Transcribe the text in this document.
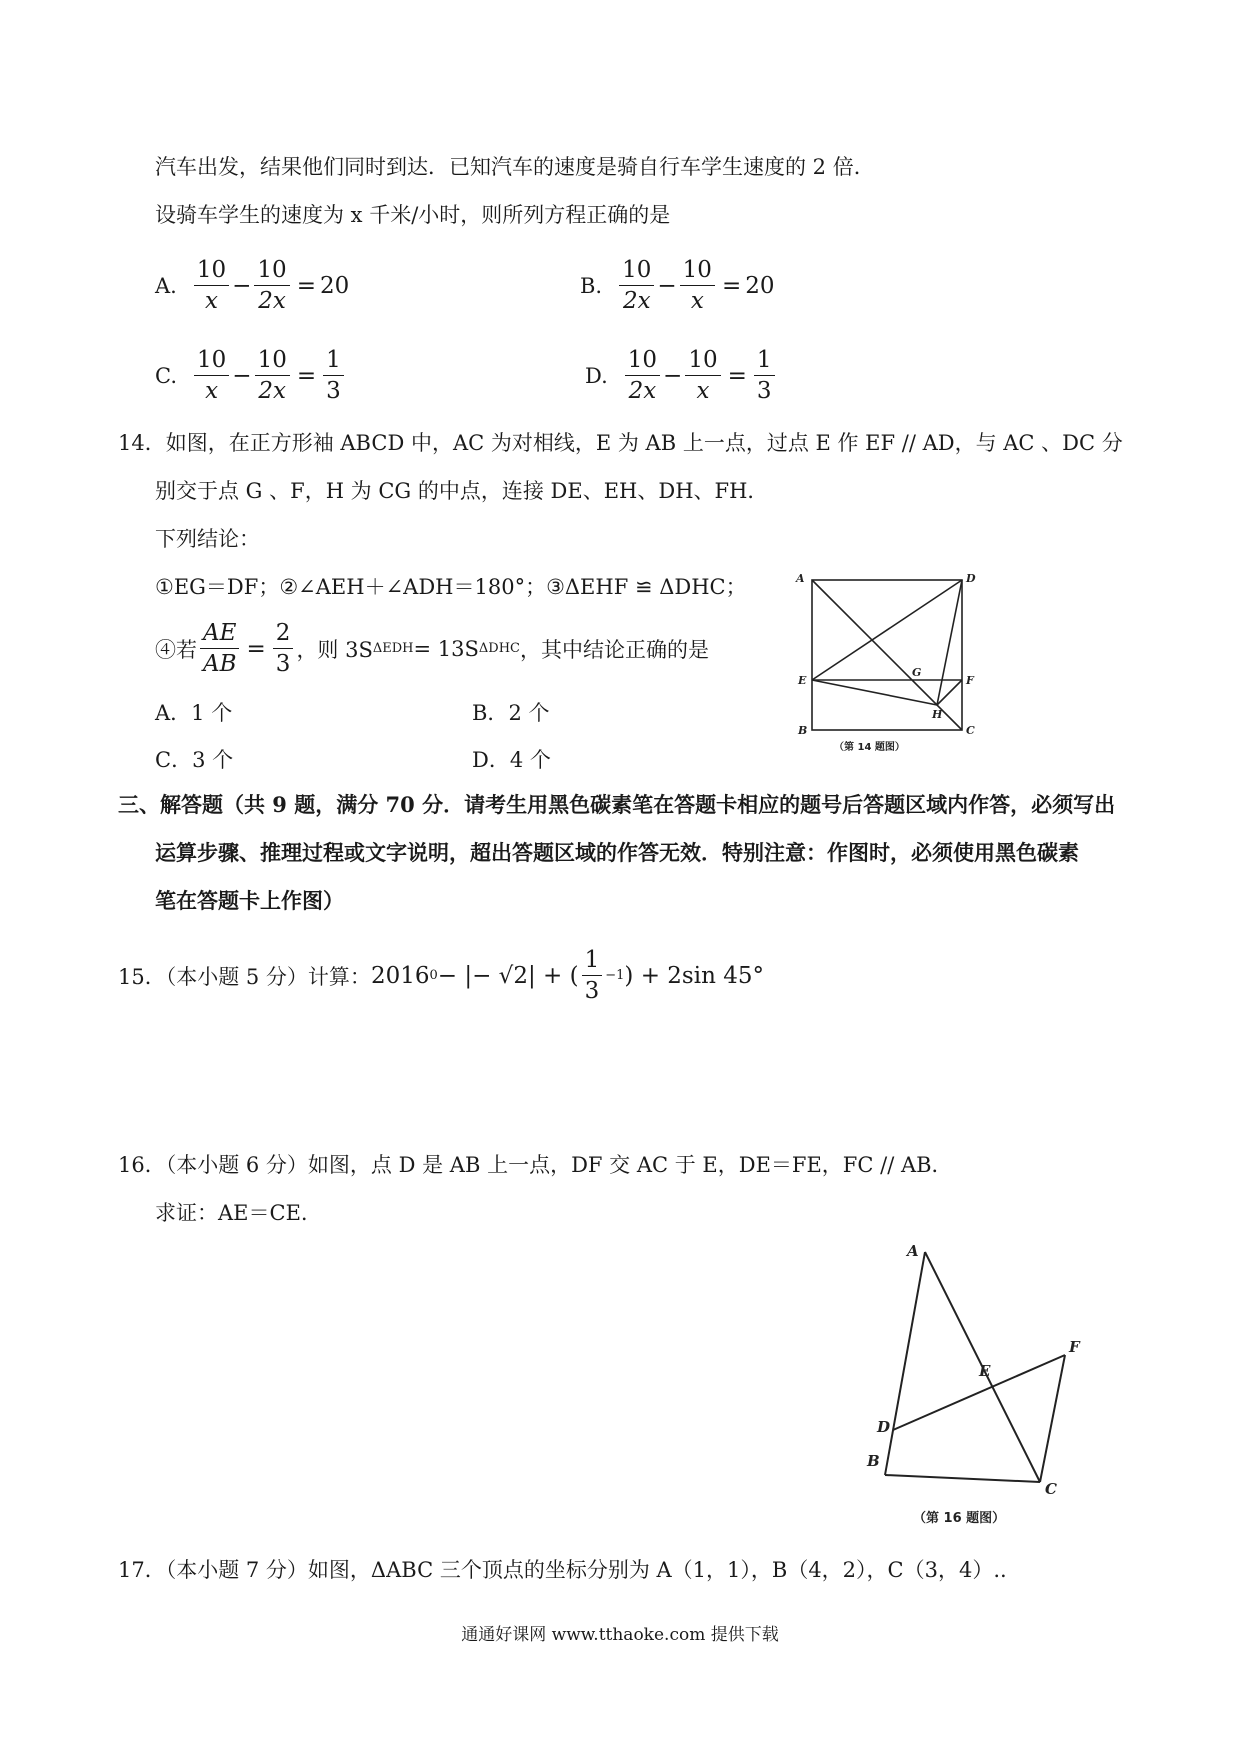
汽车出发，结果他们同时到达．已知汽车的速度是骑自行车学生速度的 2 倍．
设骑车学生的速度为 x 千米/小时，则所列方程正确的是
A. $\frac{10}{x} - \frac{10}{2x} = 20$	B. $\frac{10}{2x} - \frac{10}{x} = 20$
C. $\frac{10}{x} - \frac{10}{2x} = \frac{1}{3}$	D. $\frac{10}{2x} - \frac{10}{x} = \frac{1}{3}$
14．如图，在正方形袖 ABCD 中，AC 为对相线，E 为 AB 上一点，过点 E 作 EF // AD，与 AC 、DC 分
别交于点 G 、F，H 为 CG 的中点，连接 DE、EH、DH、FH．
下列结论：
①EG＝DF；②∠AEH＋∠ADH＝180°；③ΔEHF ≌ ΔDHC；
④若 $\frac{AE}{AB} = \frac{2}{3}$ ，则 3S ΔEDH = 13S ΔDHC ，其中结论正确的是
A．1 个	B．2 个
C．3 个	D．4 个
A	D
E
G
F
H
B	C
（第 14 题图）
三、解答题（共 9 题，满分 70 分．请考生用黑色碳素笔在答题卡相应的题号后答题区域内作答，必须写出
运算步骤、推理过程或文字说明，超出答题区域的作答无效．特别注意：作图时，必须使用黑色碳素
笔在答题卡上作图）
15．（本小题 5 分）计算： 2016 0 − |− √2| + ( $\frac{1}{3} -1$ ) + 2sin 45°
16．（本小题 6 分）如图，点 D 是 AB 上一点，DF 交 AC 于 E，DE＝FE，FC // AB．
求证：AE＝CE.
A
B
C
D
E
F
（第 16 题图）
17．（本小题 7 分）如图，ΔABC 三个顶点的坐标分别为 A（1，1），B（4，2），C（3，4）..
通通好课网 www.tthaoke.com 提供下载
